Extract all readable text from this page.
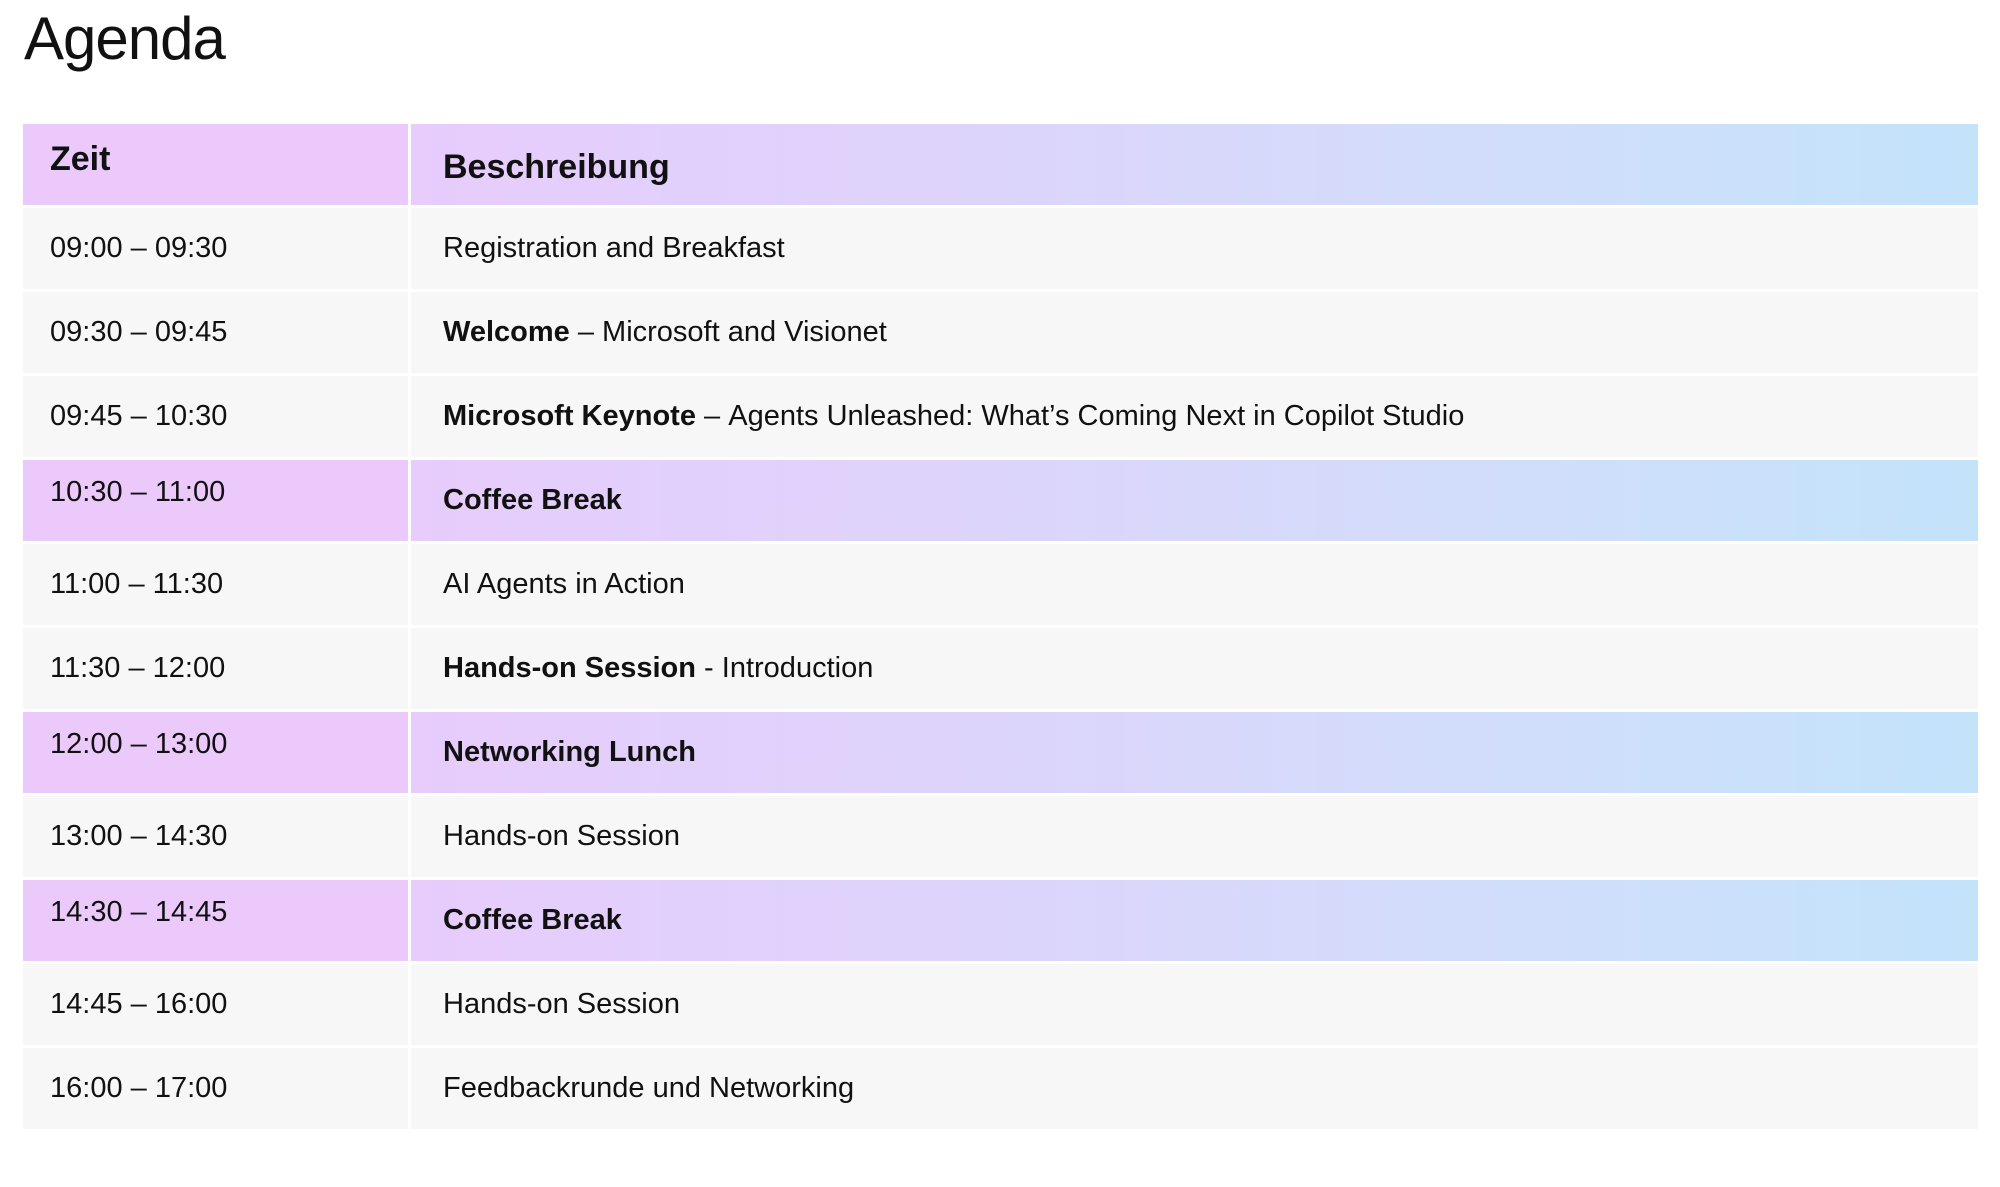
Agenda
Zeit	Beschreibung
09:00 – 09:30	Registration and Breakfast
09:30 – 09:45	Welcome – Microsoft and Visionet
09:45 – 10:30	Microsoft Keynote – Agents Unleashed: What’s Coming Next in Copilot Studio
10:30 – 11:00	Coffee Break
11:00 – 11:30	AI Agents in Action
11:30 – 12:00	Hands-on Session - Introduction
12:00 – 13:00	Networking Lunch
13:00 – 14:30	Hands-on Session
14:30 – 14:45	Coffee Break
14:45 – 16:00	Hands-on Session
16:00 – 17:00	Feedbackrunde und Networking
